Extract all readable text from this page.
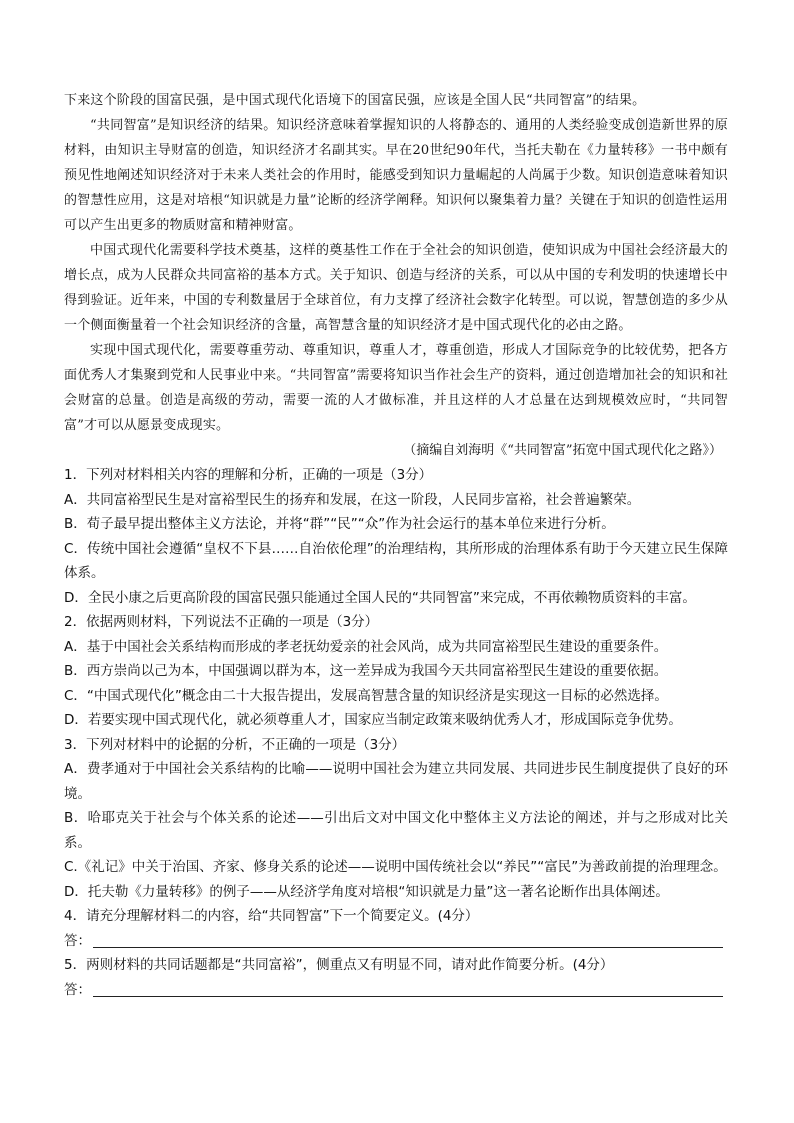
下来这个阶段的国富民强，是中国式现代化语境下的国富民强，应该是全国人民“共同智富”的结果。

“共同智富”是知识经济的结果。知识经济意味着掌握知识的人将静态的、通用的人类经验变成创造新世界的原材料，由知识主导财富的创造，知识经济才名副其实。早在20世纪90年代，当托夫勒在《力量转移》一书中颇有预见性地阐述知识经济对于未来人类社会的作用时，能感受到知识力量崛起的人尚属于少数。知识创造意味着知识的智慧性应用，这是对培根“知识就是力量”论断的经济学阐释。知识何以聚集着力量？关键在于知识的创造性运用可以产生出更多的物质财富和精神财富。

中国式现代化需要科学技术奠基，这样的奠基性工作在于全社会的知识创造，使知识成为中国社会经济最大的增长点，成为人民群众共同富裕的基本方式。关于知识、创造与经济的关系，可以从中国的专利发明的快速增长中得到验证。近年来，中国的专利数量居于全球首位，有力支撑了经济社会数字化转型。可以说，智慧创造的多少从一个侧面衡量着一个社会知识经济的含量，高智慧含量的知识经济才是中国式现代化的必由之路。

实现中国式现代化，需要尊重劳动、尊重知识，尊重人才，尊重创造，形成人才国际竞争的比较优势，把各方面优秀人才集聚到党和人民事业中来。“共同智富”需要将知识当作社会生产的资料，通过创造增加社会的知识和社会财富的总量。创造是高级的劳动，需要一流的人才做标准，并且这样的人才总量在达到规模效应时，“共同智富”才可以从愿景变成现实。

（摘编自刘海明《“共同智富”拓宽中国式现代化之路》）

1．下列对材料相关内容的理解和分析，正确的一项是（3分）

A．共同富裕型民生是对富裕型民生的扬弃和发展，在这一阶段，人民同步富裕，社会普遍繁荣。

B．荀子最早提出整体主义方法论，并将“群”“民”“众”作为社会运行的基本单位来进行分析。

C．传统中国社会遵循“皇权不下县……自治依伦理”的治理结构，其所形成的治理体系有助于今天建立民生保障体系。

D．全民小康之后更高阶段的国富民强只能通过全国人民的“共同智富”来完成，不再依赖物质资料的丰富。

2．依据两则材料，下列说法不正确的一项是（3分）

A．基于中国社会关系结构而形成的孝老抚幼爱亲的社会风尚，成为共同富裕型民生建设的重要条件。

B．西方崇尚以己为本，中国强调以群为本，这一差异成为我国今天共同富裕型民生建设的重要依据。

C．“中国式现代化”概念由二十大报告提出，发展高智慧含量的知识经济是实现这一目标的必然选择。

D．若要实现中国式现代化，就必须尊重人才，国家应当制定政策来吸纳优秀人才，形成国际竞争优势。

3．下列对材料中的论据的分析，不正确的一项是（3分）

A．费孝通对于中国社会关系结构的比喻——说明中国社会为建立共同发展、共同进步民生制度提供了良好的环境。

B．哈耶克关于社会与个体关系的论述——引出后文对中国文化中整体主义方法论的阐述，并与之形成对比关系。

C.《礼记》中关于治国、齐家、修身关系的论述——说明中国传统社会以“养民”“富民”为善政前提的治理理念。

D．托夫勒《力量转移》的例子——从经济学角度对培根“知识就是力量”这一著名论断作出具体阐述。

4．请充分理解材料二的内容，给“共同智富”下一个简要定义。(4分）

答：

5．两则材料的共同话题都是“共同富裕”，侧重点又有明显不同，请对此作简要分析。(4分）

答：
